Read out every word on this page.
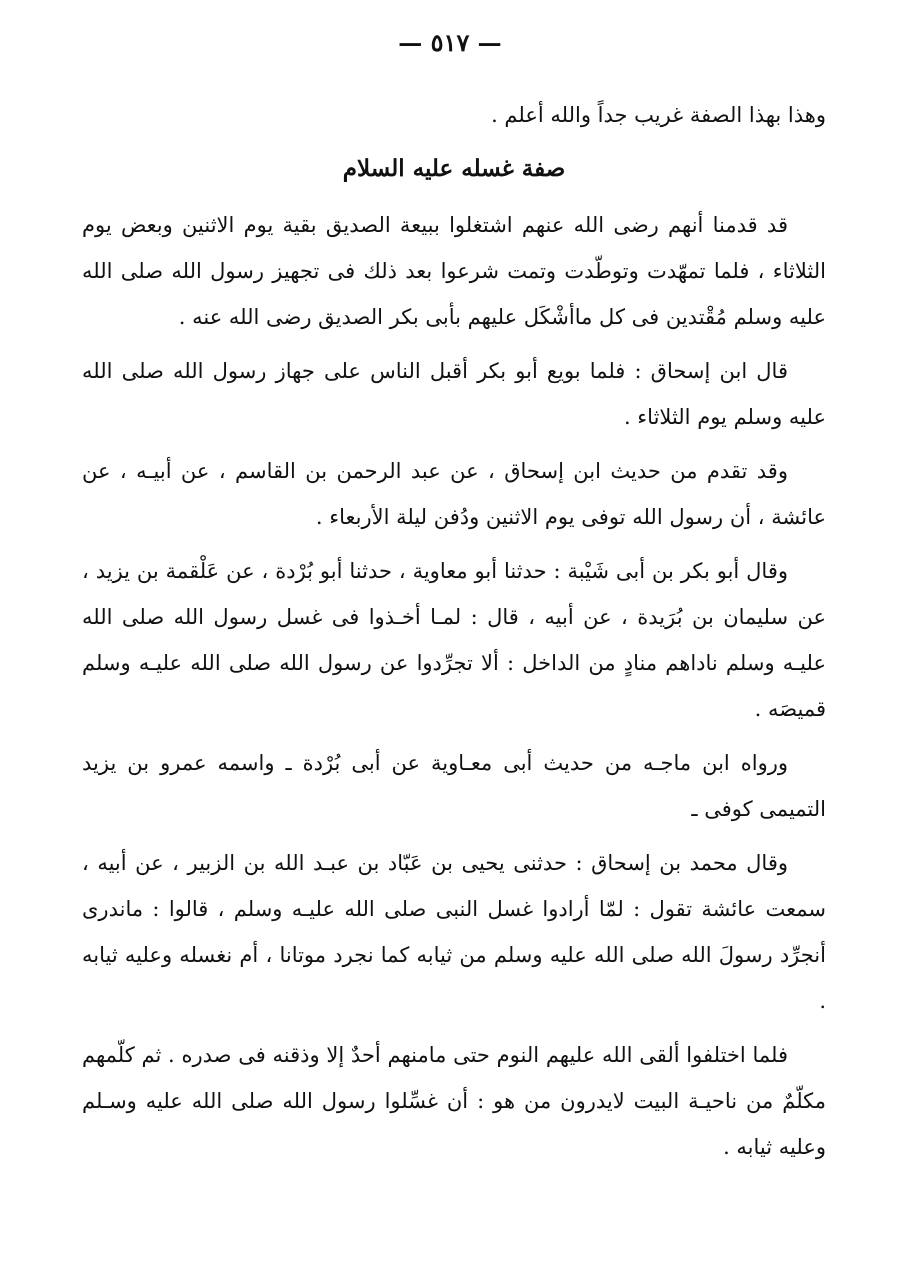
— ٥١٧ —

وهذا بهذا الصفة غريب جداً والله أعلم .

صفة غسله عليه السلام

قد قدمنا أنهم رضى الله عنهم اشتغلوا ببيعة الصديق بقية يوم الاثنين وبعض يوم الثلاثاء ، فلما تمهّدت وتوطّدت وتمت شرعوا بعد ذلك فى تجهيز رسول الله صلى الله عليه وسلم مُقْتدين فى كل ماأشْكَل عليهم بأبى بكر الصديق رضى الله عنه .

قال ابن إسحاق : فلما بويع أبو بكر أقبل الناس على جهاز رسول الله صلى الله عليه وسلم يوم الثلاثاء .

وقد تقدم من حديث ابن إسحاق ، عن عبد الرحمن بن القاسم ، عن أبيـه ، عن عائشة ، أن رسول الله توفى يوم الاثنين ودُفن ليلة الأربعاء .

وقال أبو بكر بن أبى شَيْبة : حدثنا أبو معاوية ، حدثنا أبو بُرْدة ، عن عَلْقمة بن يزيد ، عن سليمان بن بُرَيدة ، عن أبيه ، قال : لمـا أخـذوا فى غسل رسول الله صلى الله عليـه وسلم ناداهم منادٍ من الداخل : ألا تجرِّدوا عن رسول الله صلى الله عليـه وسلم قميصَه .

ورواه ابن ماجـه من حديث أبى معـاوية عن أبى بُرْدة ـ واسمه عمرو بن يزيد التميمى كوفى ـ

وقال محمد بن إسحاق : حدثنى يحيى بن عَبّاد بن عبـد الله بن الزبير ، عن أبيه ، سمعت عائشة تقول : لمّا أرادوا غسل النبى صلى الله عليـه وسلم ، قالوا : ماندرى أنجرِّد رسولَ الله صلى الله عليه وسلم من ثيابه كما نجرد موتانا ، أم نغسله وعليه ثيابه .

فلما اختلفوا ألقى الله عليهم النوم حتى مامنهم أحدٌ إلا وذقنه فى صدره . ثم كلّمهم مكلّمٌ من ناحيـة البيت لايدرون من هو : أن غسِّلوا رسول الله صلى الله عليه وسـلم وعليه ثيابه .
